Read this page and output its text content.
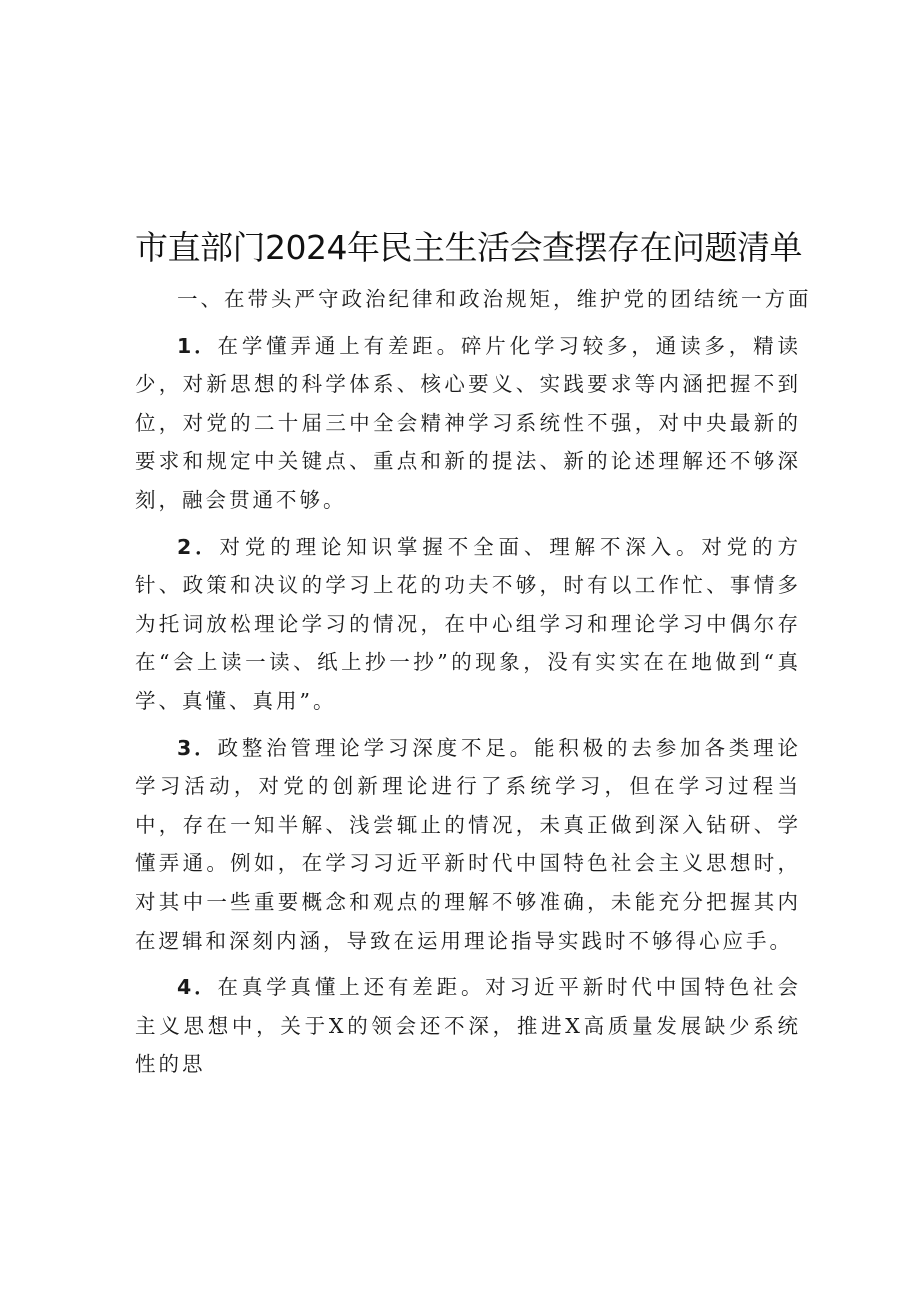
市直部门2024年民主生活会查摆存在问题清单

一、在带头严守政治纪律和政治规矩，维护党的团结统一方面

1．在学懂弄通上有差距。碎片化学习较多，通读多，精读少，对新思想的科学体系、核心要义、实践要求等内涵把握不到位，对党的二十届三中全会精神学习系统性不强，对中央最新的要求和规定中关键点、重点和新的提法、新的论述理解还不够深刻，融会贯通不够。

2．对党的理论知识掌握不全面、理解不深入。对党的方针、政策和决议的学习上花的功夫不够，时有以工作忙、事情多为托词放松理论学习的情况，在中心组学习和理论学习中偶尔存在“会上读一读、纸上抄一抄”的现象，没有实实在在地做到“真学、真懂、真用”。

3．政整治管理论学习深度不足。能积极的去参加各类理论学习活动，对党的创新理论进行了系统学习，但在学习过程当中，存在一知半解、浅尝辄止的情况，未真正做到深入钻研、学懂弄通。例如，在学习习近平新时代中国特色社会主义思想时，对其中一些重要概念和观点的理解不够准确，未能充分把握其内在逻辑和深刻内涵，导致在运用理论指导实践时不够得心应手。

4．在真学真懂上还有差距。对习近平新时代中国特色社会主义思想中，关于X的领会还不深，推进X高质量发展缺少系统性的思
